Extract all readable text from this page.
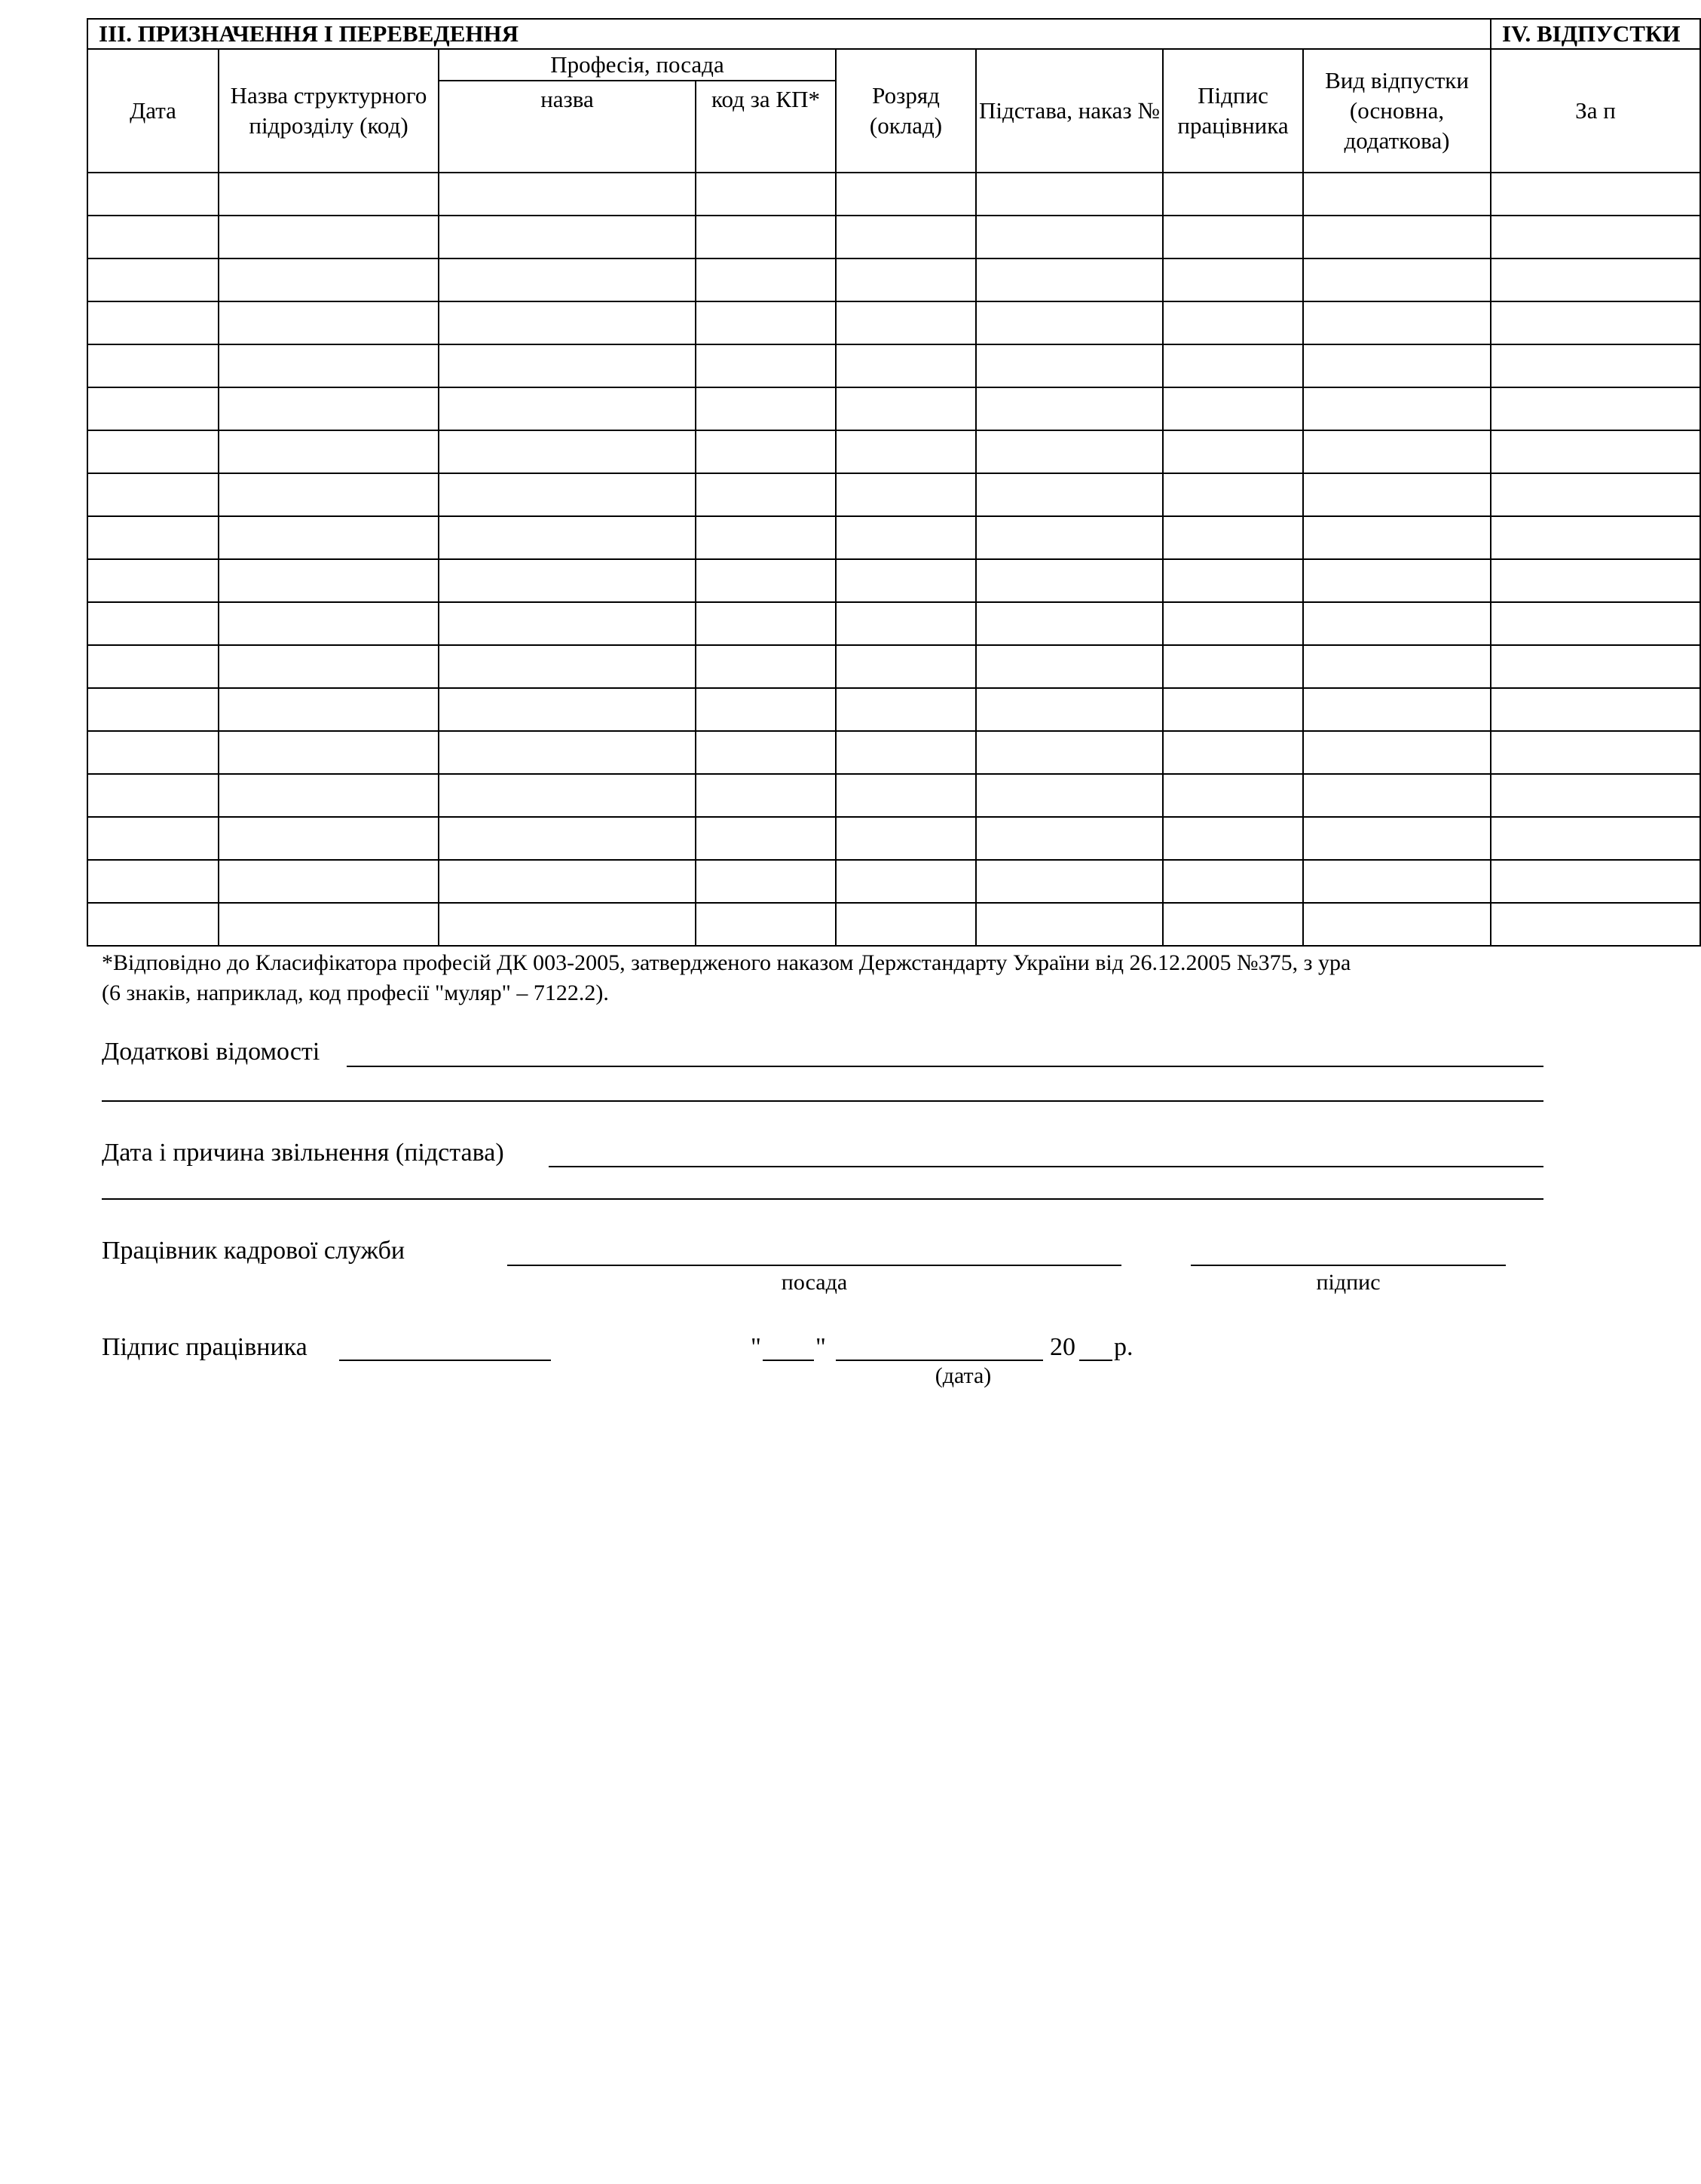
ІІІ. ПРИЗНАЧЕННЯ І ПЕРЕВЕДЕННЯ								IV. ВІДПУСТКИ
Дата	Назва структурного підрозділу (код)	Професія, посада		Розряд (оклад)	Підстава, наказ №	Підпис працівника	Вид відпустки (основна, додаткова)	За п
		назва	код за КП*					

*Відповідно до Класифікатора професій ДК 003-2005, затвердженого наказом Держстандарту України від 26.12.2005 №375, з ура
(6 знаків, наприклад, код професії "муляр" – 7122.2).
Додаткові відомості
Дата і причина звільнення (підстава)
Працівник кадрової служби
посада	підпис
Підпис працівника	" "	20 р.
(дата)
